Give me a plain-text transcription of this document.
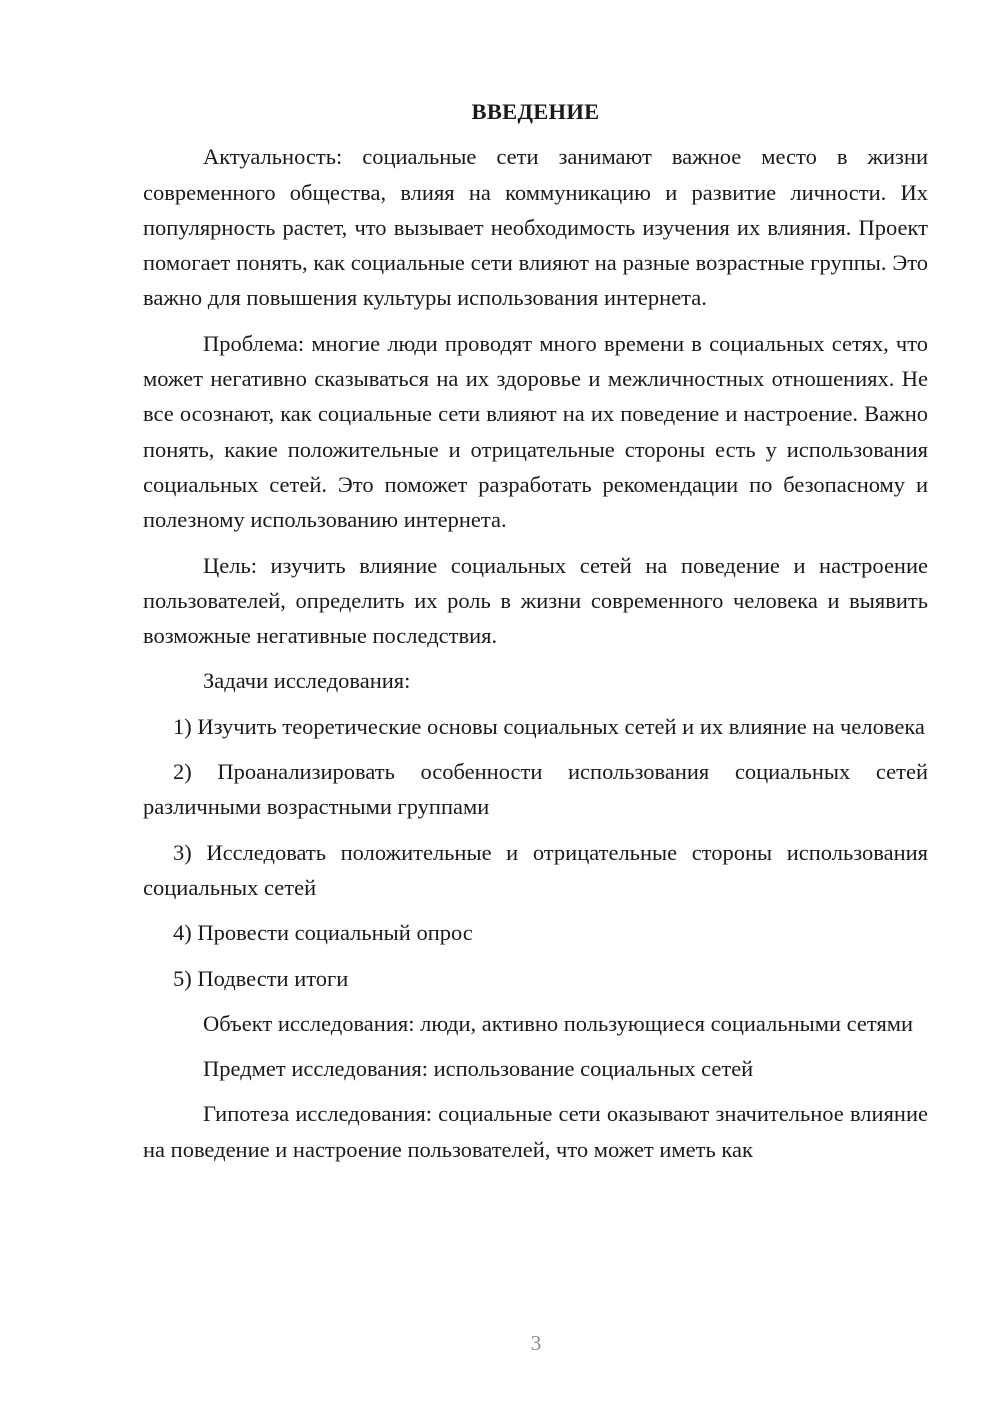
ВВЕДЕНИЕ

Актуальность: социальные сети занимают важное место в жизни современного общества, влияя на коммуникацию и развитие личности. Их популярность растет, что вызывает необходимость изучения их влияния. Проект помогает понять, как социальные сети влияют на разные возрастные группы. Это важно для повышения культуры использования интернета.

Проблема: многие люди проводят много времени в социальных сетях, что может негативно сказываться на их здоровье и межличностных отношениях. Не все осознают, как социальные сети влияют на их поведение и настроение. Важно понять, какие положительные и отрицательные стороны есть у использования социальных сетей. Это поможет разработать рекомендации по безопасному и полезному использованию интернета.

Цель: изучить влияние социальных сетей на поведение и настроение пользователей, определить их роль в жизни современного человека и выявить возможные негативные последствия.

Задачи исследования:

1) Изучить теоретические основы социальных сетей и их влияние на человека

2) Проанализировать особенности использования социальных сетей различными возрастными группами

3) Исследовать положительные и отрицательные стороны использования социальных сетей

4) Провести социальный опрос

5) Подвести итоги

Объект исследования: люди, активно пользующиеся социальными сетями

Предмет исследования: использование социальных сетей

Гипотеза исследования: социальные сети оказывают значительное влияние на поведение и настроение пользователей, что может иметь как

3
